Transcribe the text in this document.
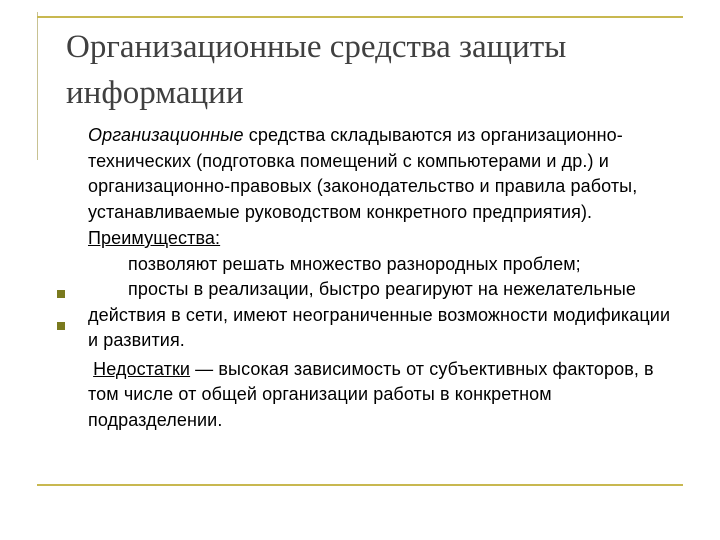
Организационные средства защиты
информации

Организационные средства складываются из организационно-технических (подготовка помещений с компьютерами и др.) и организационно-правовых (законодательство и правила работы, устанавливаемые руководством конкретного предприятия).

Преимущества:

позволяют решать множество разнородных проблем;

просты в реализации, быстро реагируют на нежелательные действия в сети, имеют неограниченные возможности модификации и развития.

Недостатки — высокая зависимость от субъективных факторов, в том числе от общей организации работы в конкретном подразделении.
